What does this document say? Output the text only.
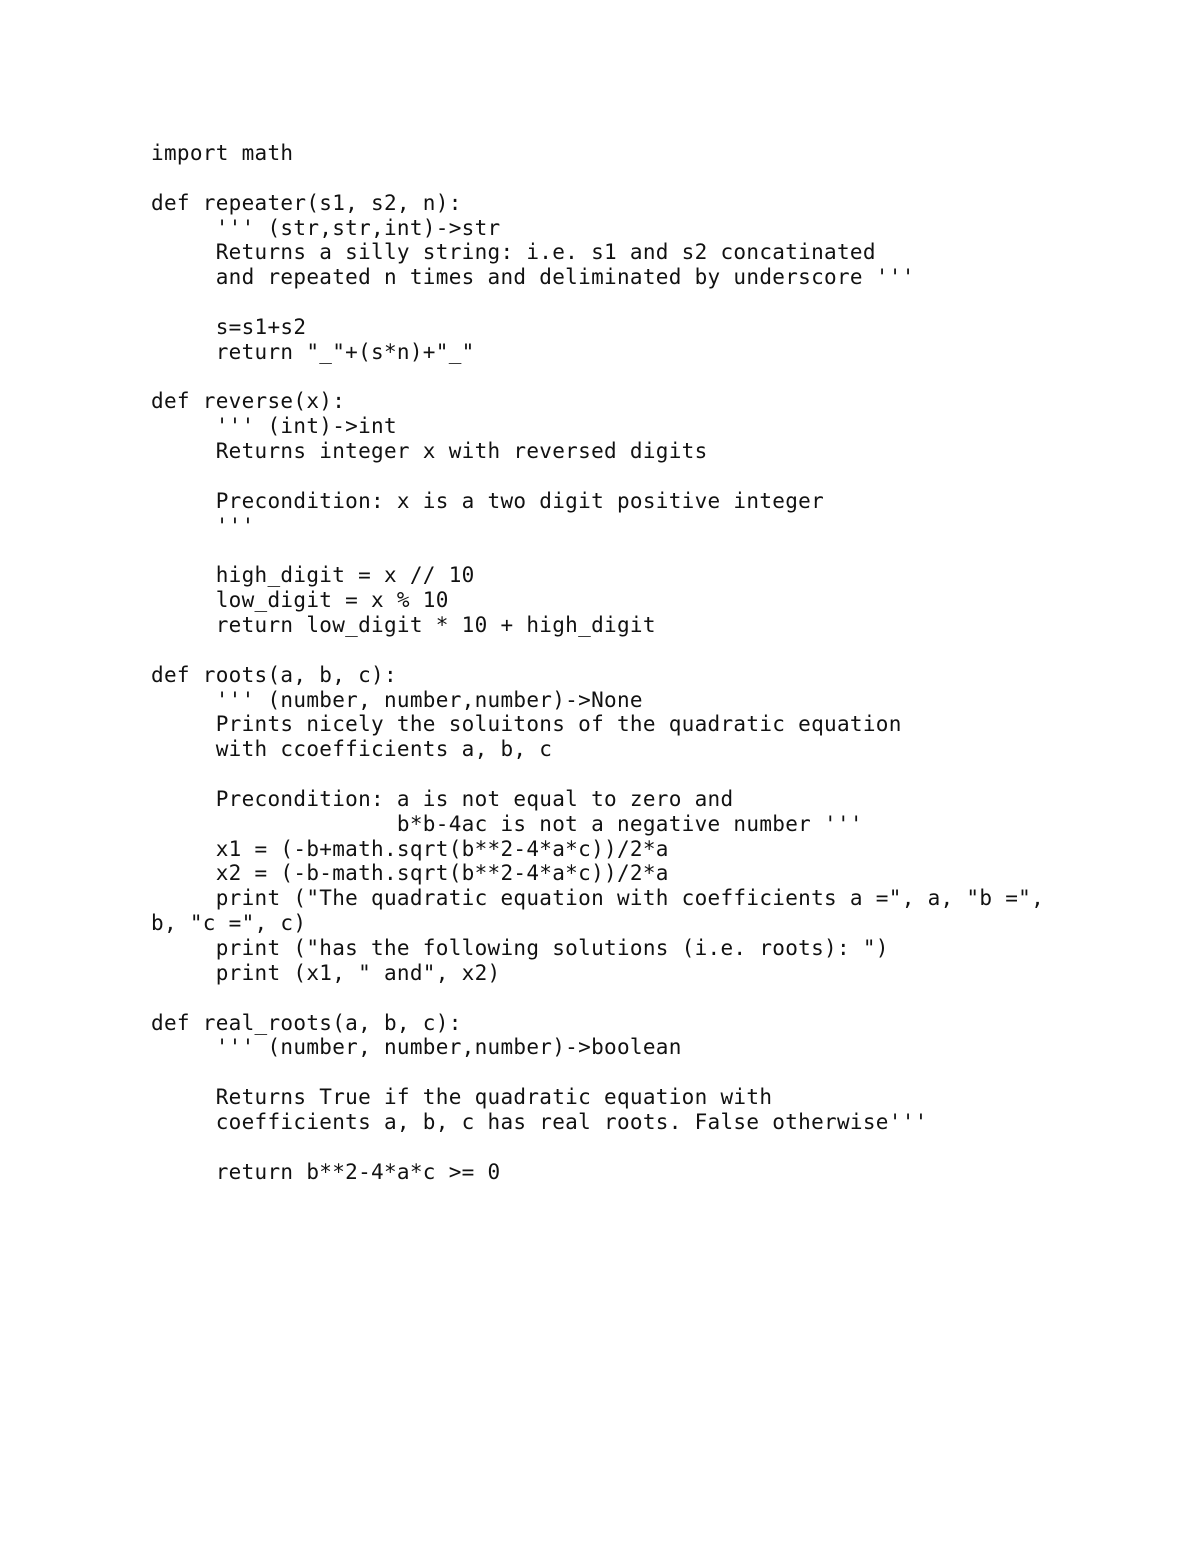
import math
def repeater(s1, s2, n):
''' (str,str,int)->str
Returns a silly string: i.e. s1 and s2 concatinated
and repeated n times and deliminated by underscore '''
s=s1+s2
return "_"+(s*n)+"_"
def reverse(x):
''' (int)->int
Returns integer x with reversed digits
Precondition: x is a two digit positive integer
'''
high_digit = x // 10
low_digit = x % 10
return low_digit * 10 + high_digit
def roots(a, b, c):
''' (number, number,number)->None
Prints nicely the soluitons of the quadratic equation
with ccoefficients a, b, c
Precondition: a is not equal to zero and
b*b-4ac is not a negative number '''
x1 = (-b+math.sqrt(b**2-4*a*c))/2*a
x2 = (-b-math.sqrt(b**2-4*a*c))/2*a
print ("The quadratic equation with coefficients a =", a, "b =",
b, "c =", c)
print ("has the following solutions (i.e. roots): ")
print (x1, " and", x2)
def real_roots(a, b, c):
''' (number, number,number)->boolean
Returns True if the quadratic equation with
coefficients a, b, c has real roots. False otherwise'''
return b**2-4*a*c >= 0
